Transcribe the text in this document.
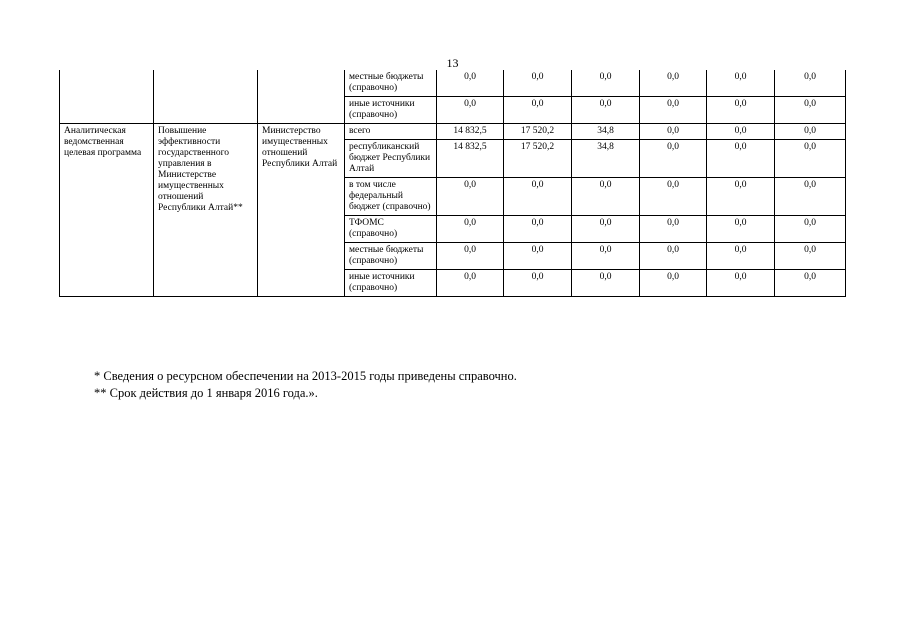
13
			местные бюджеты (справочно)	0,0	0,0	0,0	0,0	0,0	0,0
			иные источники (справочно)	0,0	0,0	0,0	0,0	0,0	0,0
Аналитическая ведомственная целевая программа	Повышение эффективности государственного управления в Министерстве имущественных отношений Республики Алтай**	Министерство имущественных отношений Республики Алтай	всего	14 832,5	17 520,2	34,8	0,0	0,0	0,0
			республиканский бюджет Республики Алтай	14 832,5	17 520,2	34,8	0,0	0,0	0,0
			в том числе федеральный бюджет (справочно)	0,0	0,0	0,0	0,0	0,0	0,0
			ТФОМС (справочно)	0,0	0,0	0,0	0,0	0,0	0,0
			местные бюджеты (справочно)	0,0	0,0	0,0	0,0	0,0	0,0
			иные источники (справочно)	0,0	0,0	0,0	0,0	0,0	0,0
* Сведения о ресурсном обеспечении на 2013-2015 годы приведены справочно.
** Срок действия до 1 января 2016 года.».
